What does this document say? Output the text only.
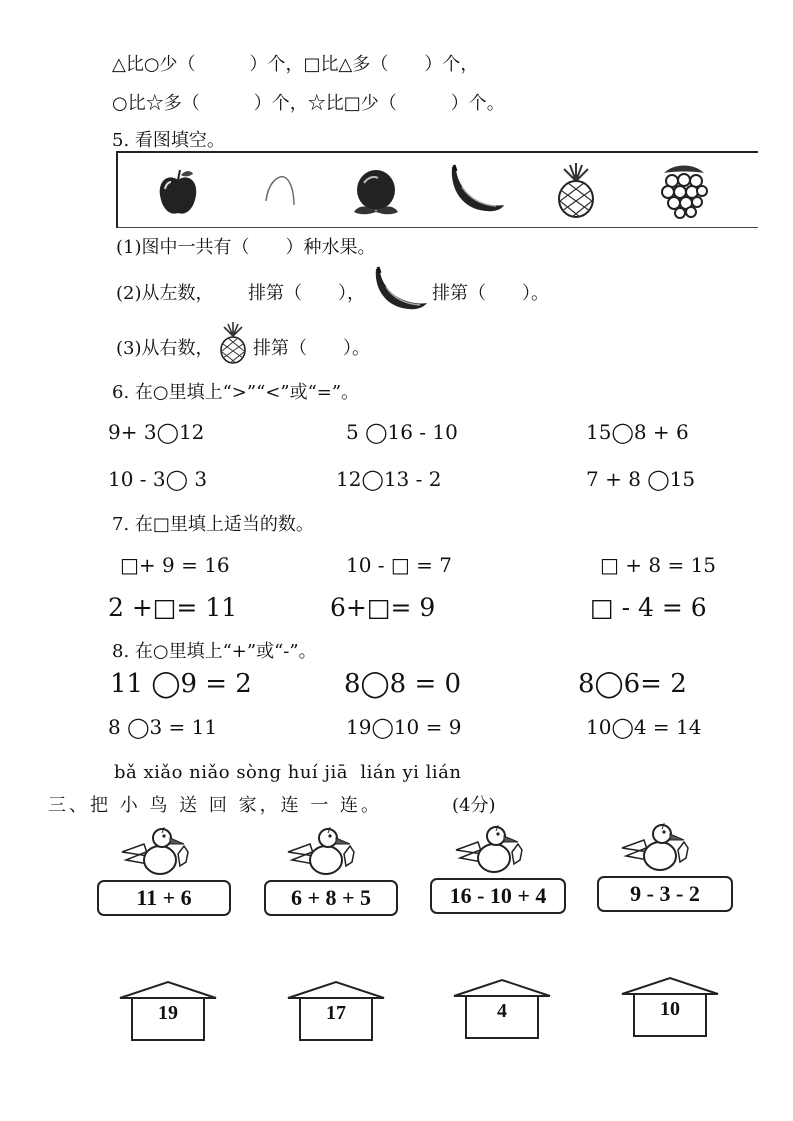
△比○少（　　　）个，□比△多（　　）个，
○比☆多（　　　）个，☆比□少（　　　）个。
5. 看图填空。
(1)图中一共有（　　）种水果。
(2)从左数， 排第（　　），	排第（　　）。
(3)从右数， 排第（　　）。
6. 在○里填上“>”“<”或“=”。
9+ 3◯12	5 ◯16 - 10	15◯8 + 6
10 - 3◯ 3	12◯13 - 2	7 + 8 ◯15
7. 在□里填上适当的数。
□+ 9 = 16	10 - □ = 7	□ + 8 = 15
2 +□= 11	6+□= 9	□ - 4 = 6
8. 在○里填上“+”或“-”。
11 ◯9 = 2	8◯8 = 0	8◯6= 2
8 ◯3 = 11	19◯10 = 9	10◯4 = 14
bǎ xiǎo niǎo sòng huí jiā  lián yi lián
三、把 小 鸟 送 回 家，连 一 连。	(4分)
11 + 6	6 + 8 + 5	16 - 10 + 4	9 - 3 - 2
19	17	4	10
